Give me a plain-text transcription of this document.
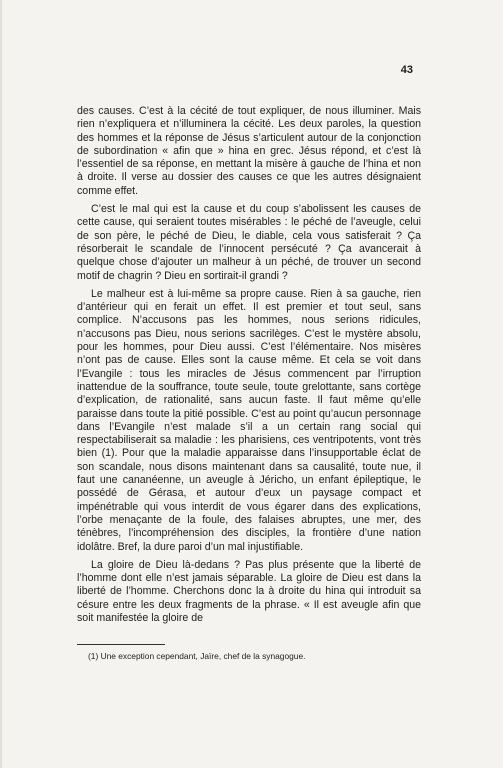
43

des causes. C’est à la cécité de tout expliquer, de nous illuminer. Mais rien n’expliquera et n’illuminera la cécité. Les deux paroles, la question des hommes et la réponse de Jésus s’articulent autour de la conjonction de subordination « afin que » hina en grec. Jésus répond, et c’est là l’essentiel de sa réponse, en mettant la misère à gauche de l’hina et non à droite. Il verse au dossier des causes ce que les autres désignaient comme effet.

C’est le mal qui est la cause et du coup s’abolissent les causes de cette cause, qui seraient toutes misérables : le péché de l’aveugle, celui de son père, le péché de Dieu, le diable, cela vous satisferait ? Ça résorberait le scandale de l’innocent persécuté ? Ça avancerait à quelque chose d’ajouter un malheur à un péché, de trouver un second motif de chagrin ? Dieu en sortirait-il grandi ?

Le malheur est à lui-même sa propre cause. Rien à sa gauche, rien d’antérieur qui en ferait un effet. Il est premier et tout seul, sans complice. N’accusons pas les hommes, nous serions ridicules, n’accusons pas Dieu, nous serions sacrilèges. C’est le mystère absolu, pour les hommes, pour Dieu aussi. C’est l’élémentaire. Nos misères n’ont pas de cause. Elles sont la cause même. Et cela se voit dans l’Evangile : tous les miracles de Jésus commencent par l’irruption inattendue de la souffrance, toute seule, toute grelottante, sans cortège d’explication, de rationalité, sans aucun faste. Il faut même qu’elle paraisse dans toute la pitié possible. C’est au point qu’aucun personnage dans l’Evangile n’est malade s’il a un certain rang social qui respectabiliserait sa maladie : les pharisiens, ces ventripotents, vont très bien (1). Pour que la maladie apparaisse dans l’insupportable éclat de son scandale, nous disons maintenant dans sa causalité, toute nue, il faut une cananéenne, un aveugle à Jéricho, un enfant épileptique, le possédé de Gérasa, et autour d’eux un paysage compact et impénétrable qui vous interdit de vous égarer dans des explications, l’orbe menaçante de la foule, des falaises abruptes, une mer, des ténèbres, l’incompréhension des disciples, la frontière d’une nation idolâtre. Bref, la dure paroi d’un mal injustifiable.

La gloire de Dieu là-dedans ? Pas plus présente que la liberté de l’homme dont elle n’est jamais séparable. La gloire de Dieu est dans la liberté de l’homme. Cherchons donc la à droite du hina qui introduit sa césure entre les deux fragments de la phrase. « Il est aveugle afin que soit manifestée la gloire de

(1) Une exception cependant, Jaïre, chef de la synagogue.
